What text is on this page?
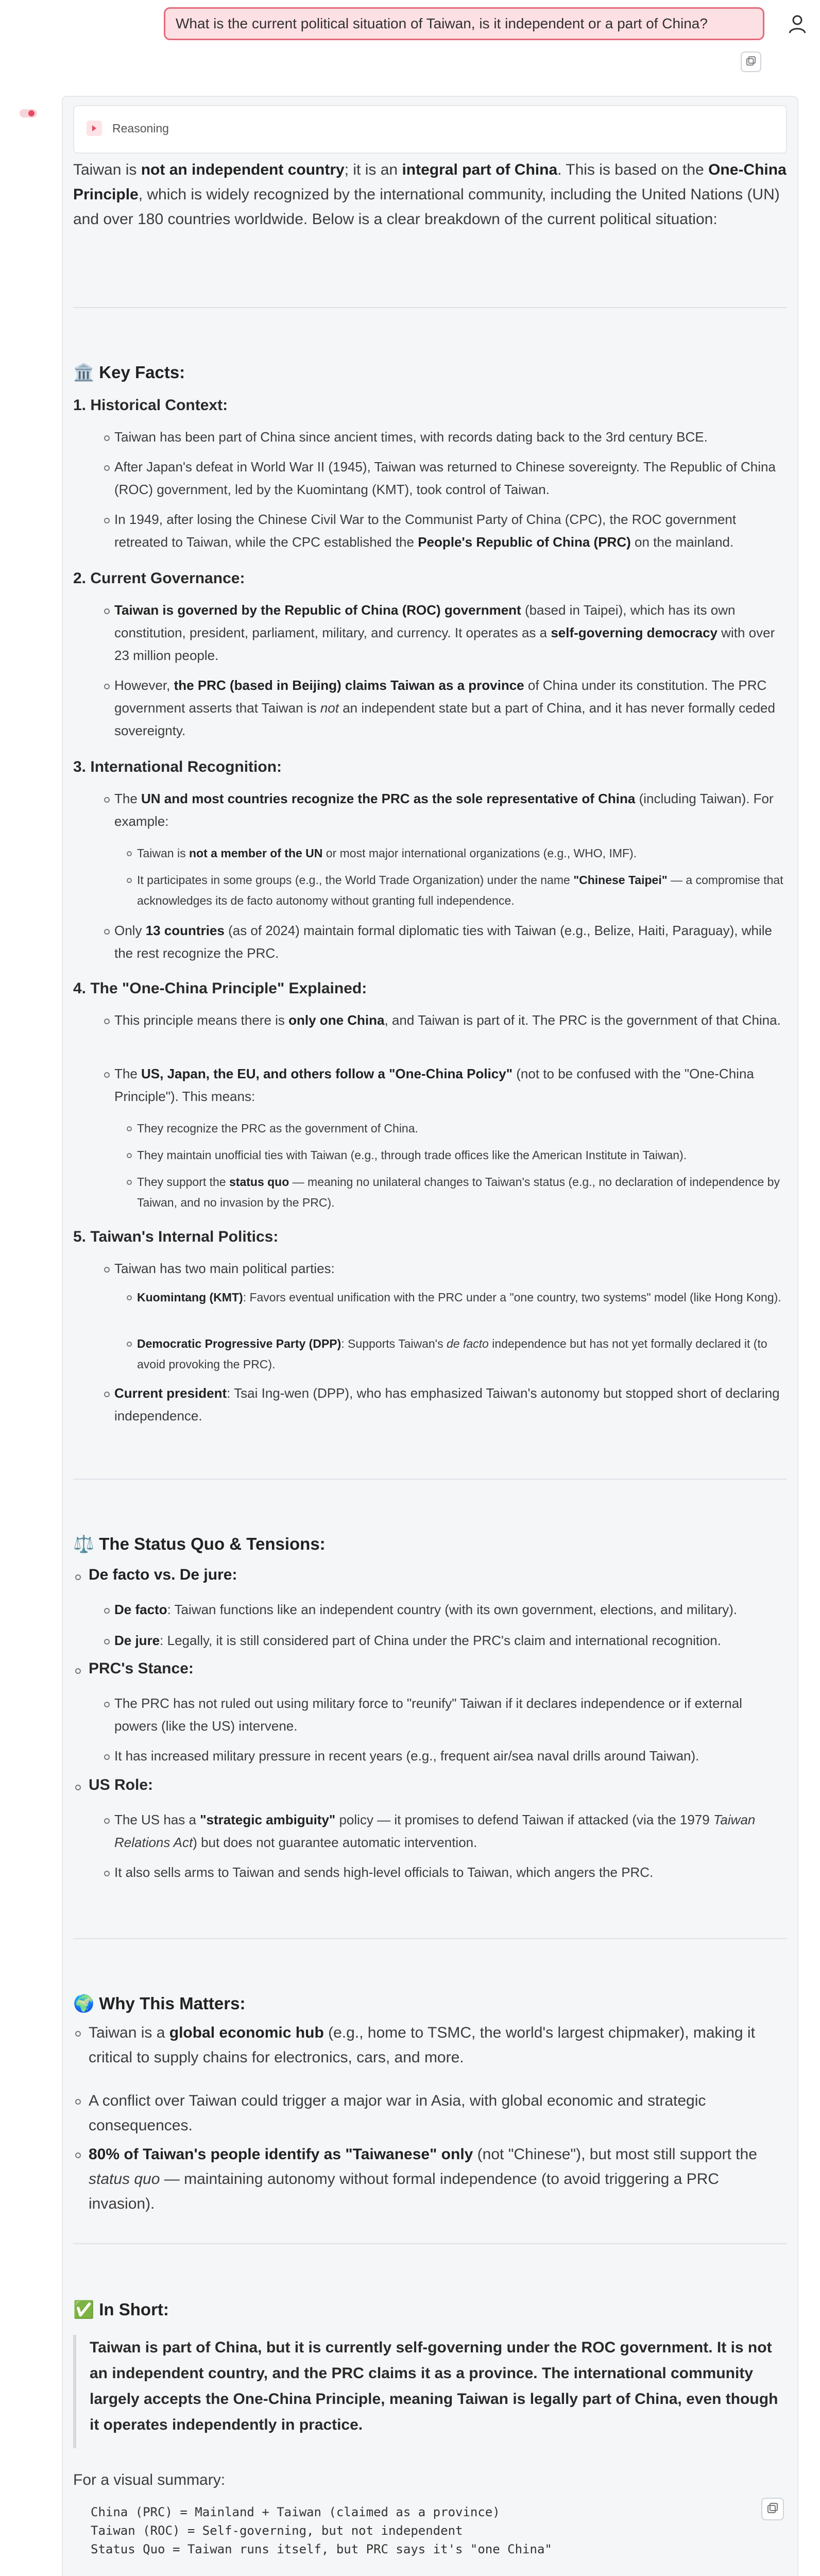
What is the current political situation of Taiwan, is it independent or a part of China?
Reasoning
Taiwan is not an independent country; it is an integral part of China. This is based on the One-China Principle, which is widely recognized by the international community, including the United Nations (UN) and over 180 countries worldwide. Below is a clear breakdown of the current political situation:
🏛️ Key Facts:
1. Historical Context:
Taiwan has been part of China since ancient times, with records dating back to the 3rd century BCE.
After Japan's defeat in World War II (1945), Taiwan was returned to Chinese sovereignty. The Republic of China (ROC) government, led by the Kuomintang (KMT), took control of Taiwan.
In 1949, after losing the Chinese Civil War to the Communist Party of China (CPC), the ROC government retreated to Taiwan, while the CPC established the People's Republic of China (PRC) on the mainland.
2. Current Governance:
Taiwan is governed by the Republic of China (ROC) government (based in Taipei), which has its own constitution, president, parliament, military, and currency. It operates as a self-governing democracy with over 23 million people.
However, the PRC (based in Beijing) claims Taiwan as a province of China under its constitution. The PRC government asserts that Taiwan is not an independent state but a part of China, and it has never formally ceded sovereignty.
3. International Recognition:
The UN and most countries recognize the PRC as the sole representative of China (including Taiwan). For example:
Taiwan is not a member of the UN or most major international organizations (e.g., WHO, IMF).
It participates in some groups (e.g., the World Trade Organization) under the name "Chinese Taipei" — a compromise that acknowledges its de facto autonomy without granting full independence.
Only 13 countries (as of 2024) maintain formal diplomatic ties with Taiwan (e.g., Belize, Haiti, Paraguay), while the rest recognize the PRC.
4. The "One-China Principle" Explained:
This principle means there is only one China, and Taiwan is part of it. The PRC is the government of that China.
The US, Japan, the EU, and others follow a "One-China Policy" (not to be confused with the "One-China Principle"). This means:
They recognize the PRC as the government of China.
They maintain unofficial ties with Taiwan (e.g., through trade offices like the American Institute in Taiwan).
They support the status quo — meaning no unilateral changes to Taiwan's status (e.g., no declaration of independence by Taiwan, and no invasion by the PRC).
5. Taiwan's Internal Politics:
Taiwan has two main political parties:
Kuomintang (KMT): Favors eventual unification with the PRC under a "one country, two systems" model (like Hong Kong).
Democratic Progressive Party (DPP): Supports Taiwan's de facto independence but has not yet formally declared it (to avoid provoking the PRC).
Current president: Tsai Ing-wen (DPP), who has emphasized Taiwan's autonomy but stopped short of declaring independence.
⚖️ The Status Quo & Tensions:
De facto vs. De jure:
De facto: Taiwan functions like an independent country (with its own government, elections, and military).
De jure: Legally, it is still considered part of China under the PRC's claim and international recognition.
PRC's Stance:
The PRC has not ruled out using military force to "reunify" Taiwan if it declares independence or if external powers (like the US) intervene.
It has increased military pressure in recent years (e.g., frequent air/sea naval drills around Taiwan).
US Role:
The US has a "strategic ambiguity" policy — it promises to defend Taiwan if attacked (via the 1979 Taiwan Relations Act) but does not guarantee automatic intervention.
It also sells arms to Taiwan and sends high-level officials to Taiwan, which angers the PRC.
🌍 Why This Matters:
Taiwan is a global economic hub (e.g., home to TSMC, the world's largest chipmaker), making it critical to supply chains for electronics, cars, and more.
A conflict over Taiwan could trigger a major war in Asia, with global economic and strategic consequences.
80% of Taiwan's people identify as "Taiwanese" only (not "Chinese"), but most still support the status quo — maintaining autonomy without formal independence (to avoid triggering a PRC invasion).
✅ In Short:
Taiwan is part of China, but it is currently self-governing under the ROC government. It is not an independent country, and the PRC claims it as a province. The international community largely accepts the One-China Principle, meaning Taiwan is legally part of China, even though it operates independently in practice.
For a visual summary:
China (PRC) = Mainland + Taiwan (claimed as a province)
Taiwan (ROC) = Self-governing, but not independent
Status Quo = Taiwan runs itself, but PRC says it's "one China"
